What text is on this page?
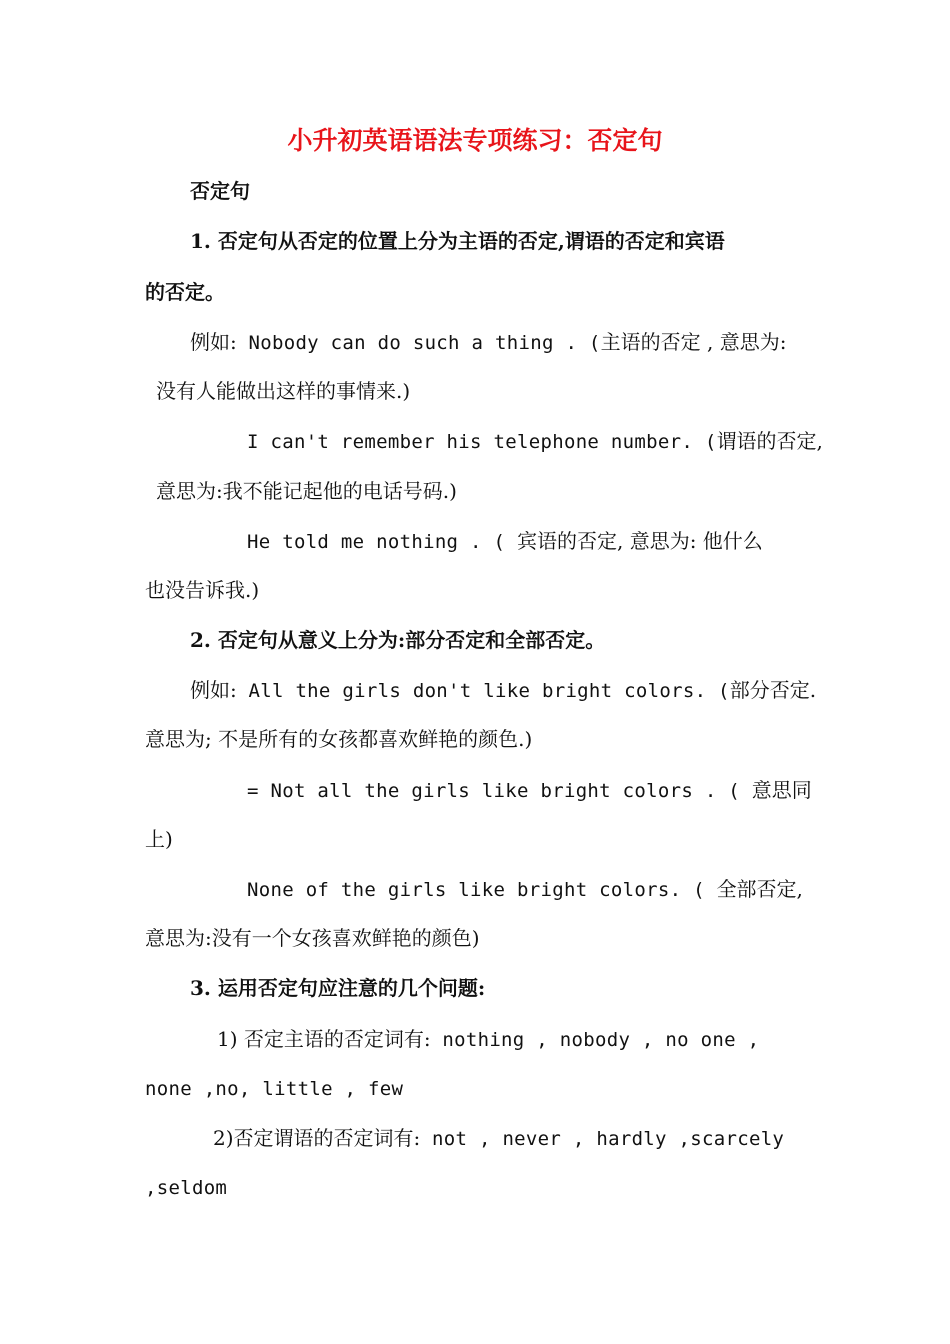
小升初英语语法专项练习：否定句

否定句

1. 否定句从否定的位置上分为主语的否定,谓语的否定和宾语

的否定。

例如: Nobody can do such a thing . (主语的否定 , 意思为:

没有人能做出这样的事情来.)

I can't remember his telephone number. (谓语的否定,

意思为:我不能记起他的电话号码.)

He told me nothing . ( 宾语的否定, 意思为: 他什么

也没告诉我.)

2. 否定句从意义上分为:部分否定和全部否定。

例如: All the girls don't like bright colors. (部分否定.

意思为; 不是所有的女孩都喜欢鲜艳的颜色.)

= Not all the girls like bright colors . ( 意思同

上)

None of the girls like bright colors. ( 全部否定,

意思为:没有一个女孩喜欢鲜艳的颜色)

3. 运用否定句应注意的几个问题:

1) 否定主语的否定词有: nothing , nobody , no one ,

none ,no, little , few

2)否定谓语的否定词有: not , never , hardly ,scarcely

,seldom
